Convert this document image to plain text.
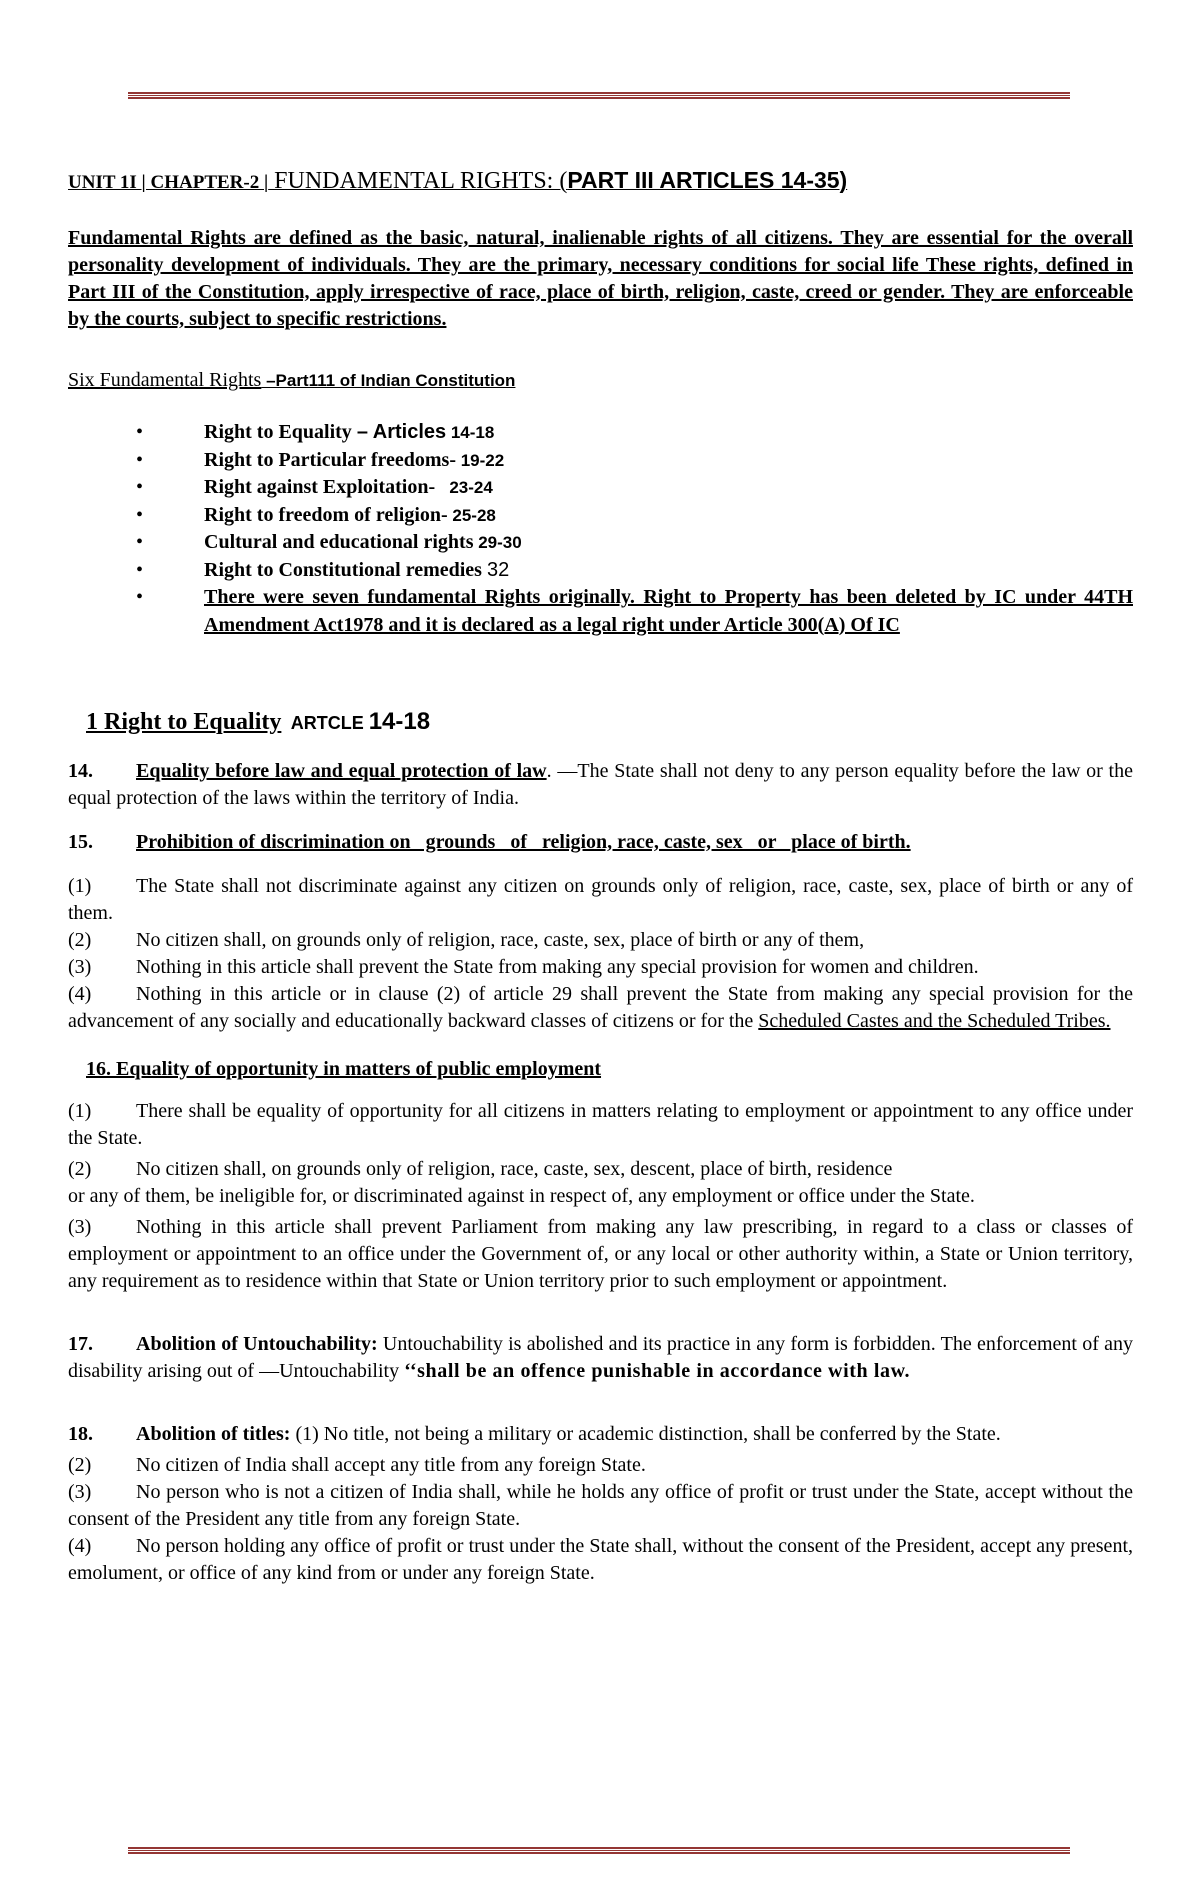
UNIT 1I | CHAPTER-2 | FUNDAMENTAL RIGHTS: (PART III ARTICLES 14-35)

Fundamental Rights are defined as the basic, natural, inalienable rights of all citizens. They are essential for the overall personality development of individuals. They are the primary, necessary conditions for social life These rights, defined in Part III of the Constitution, apply irrespective of race, place of birth, religion, caste, creed or gender. They are enforceable by the courts, subject to specific restrictions.

Six Fundamental Rights –Part111 of Indian Constitution

•	Right to Equality – Articles 14-18
•	Right to Particular freedoms- 19-22
•	Right against Exploitation-   23-24
•	Right to freedom of religion- 25-28
•	Cultural and educational rights 29-30
•	Right to Constitutional remedies 32
•	There were seven fundamental Rights originally. Right to Property has been deleted by IC under 44TH Amendment Act1978 and it is declared as a legal right under Article 300(A) Of IC

1 Right to Equality  ARTCLE 14-18

14. Equality before law and equal protection of law. —The State shall not deny to any person equality before the law or the equal protection of the laws within the territory of India.

15. Prohibition of discrimination on   grounds   of   religion, race, caste, sex   or   place of birth.

(1) The State shall not discriminate against any citizen on grounds only of religion, race, caste, sex, place of birth or any of them.

(2) No citizen shall, on grounds only of religion, race, caste, sex, place of birth or any of them,

(3) Nothing in this article shall prevent the State from making any special provision for women and children.

(4) Nothing in this article or in clause (2) of article 29 shall prevent the State from making any special provision for the advancement of any socially and educationally backward classes of citizens or for the Scheduled Castes and the Scheduled Tribes.

16. Equality of opportunity in matters of public employment

(1) There shall be equality of opportunity for all citizens in matters relating to employment or appointment to any office under the State.

(2) No citizen shall, on grounds only of religion, race, caste, sex, descent, place of birth, residence
or any of them, be ineligible for, or discriminated against in respect of, any employment or office under the State.

(3) Nothing in this article shall prevent Parliament from making any law prescribing, in regard to a class or classes of employment or appointment to an office under the Government of, or any local or other authority within, a State or Union territory, any requirement as to residence within that State or Union territory prior to such employment or appointment.

17. Abolition of Untouchability: Untouchability is abolished and its practice in any form is forbidden. The enforcement of any disability arising out of —Untouchability ‘‘shall be an offence punishable in accordance with law.

18. Abolition of titles: (1) No title, not being a military or academic distinction, shall be conferred by the State.

(2) No citizen of India shall accept any title from any foreign State.

(3) No person who is not a citizen of India shall, while he holds any office of profit or trust under the State, accept without the consent of the President any title from any foreign State.

(4) No person holding any office of profit or trust under the State shall, without the consent of the President, accept any present, emolument, or office of any kind from or under any foreign State.
